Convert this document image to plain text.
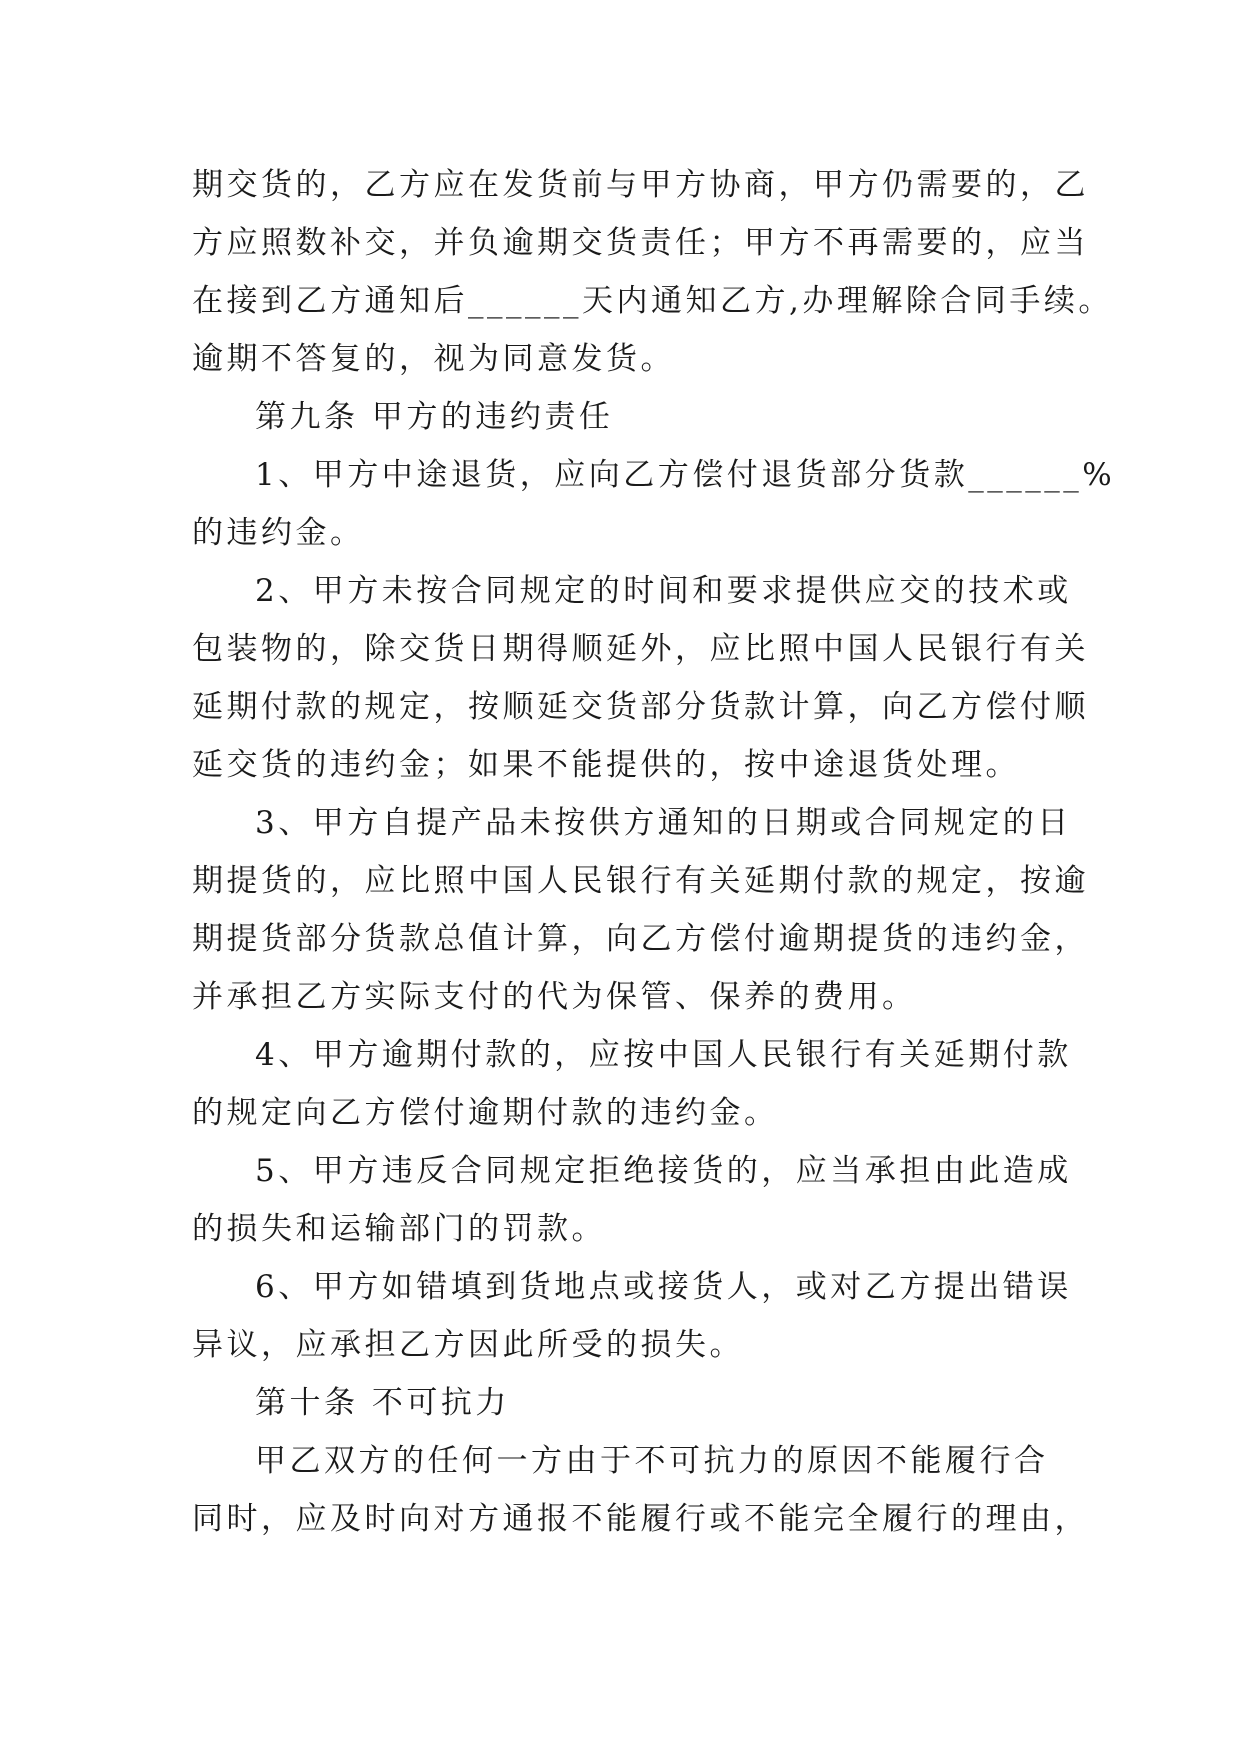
期交货的，乙方应在发货前与甲方协商，甲方仍需要的，乙
方应照数补交，并负逾期交货责任；甲方不再需要的，应当
在接到乙方通知后______天内通知乙方,办理解除合同手续。
逾期不答复的，视为同意发货。
第九条 甲方的违约责任
1、甲方中途退货，应向乙方偿付退货部分货款______%
的违约金。
2、甲方未按合同规定的时间和要求提供应交的技术或
包装物的，除交货日期得顺延外，应比照中国人民银行有关
延期付款的规定，按顺延交货部分货款计算，向乙方偿付顺
延交货的违约金；如果不能提供的，按中途退货处理。
3、甲方自提产品未按供方通知的日期或合同规定的日
期提货的，应比照中国人民银行有关延期付款的规定，按逾
期提货部分货款总值计算，向乙方偿付逾期提货的违约金，
并承担乙方实际支付的代为保管、保养的费用。
4、甲方逾期付款的，应按中国人民银行有关延期付款
的规定向乙方偿付逾期付款的违约金。
5、甲方违反合同规定拒绝接货的，应当承担由此造成
的损失和运输部门的罚款。
6、甲方如错填到货地点或接货人，或对乙方提出错误
异议，应承担乙方因此所受的损失。
第十条 不可抗力
甲乙双方的任何一方由于不可抗力的原因不能履行合
同时，应及时向对方通报不能履行或不能完全履行的理由，
